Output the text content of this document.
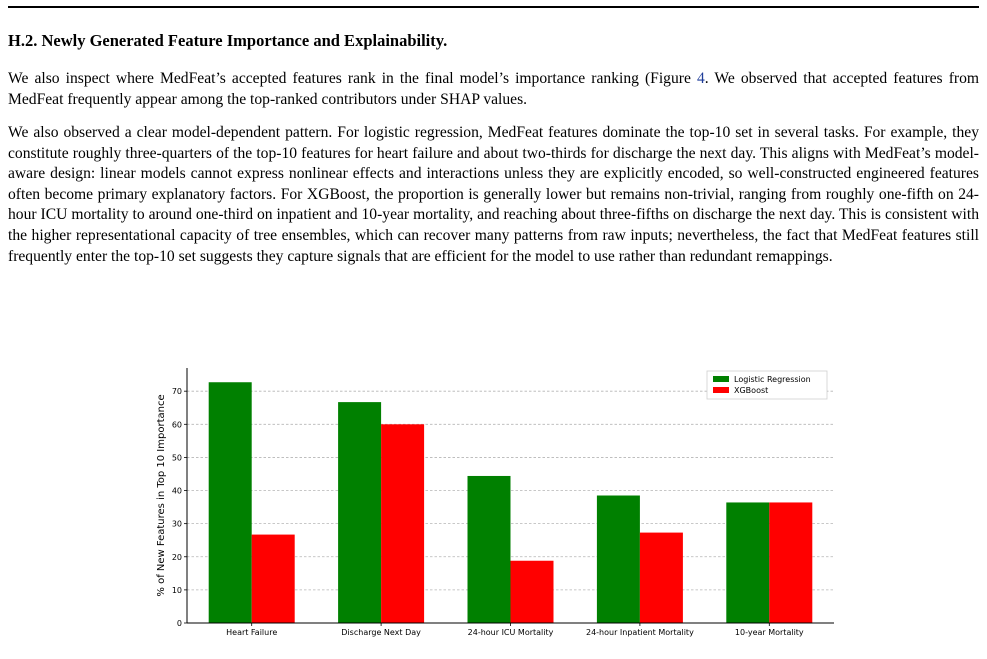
H.2. Newly Generated Feature Importance and Explainability.

We also inspect where MedFeat’s accepted features rank in the final model’s importance ranking (Figure 4. We observed that accepted features from MedFeat frequently appear among the top-ranked contributors under SHAP values.

We also observed a clear model-dependent pattern. For logistic regression, MedFeat features dominate the top-10 set in several tasks. For example, they constitute roughly three-quarters of the top-10 features for heart failure and about two-thirds for discharge the next day. This aligns with MedFeat’s model-aware design: linear models cannot express nonlinear effects and interactions unless they are explicitly encoded, so well-constructed engineered features often become primary explanatory factors. For XGBoost, the proportion is generally lower but remains non-trivial, ranging from roughly one-fifth on 24-hour ICU mortality to around one-third on inpatient and 10-year mortality, and reaching about three-fifths on discharge the next day. This is consistent with the higher representational capacity of tree ensembles, which can recover many patterns from raw inputs; nevertheless, the fact that MedFeat features still frequently enter the top-10 set suggests they capture signals that are efficient for the model to use rather than redundant remappings.

0
10
20
30
40
50
60
70
Heart Failure	Discharge Next Day	24-hour ICU Mortality	24-hour Inpatient Mortality	10-year Mortality
% of New Features in Top 10 Importance
Logistic Regression
XGBoost
